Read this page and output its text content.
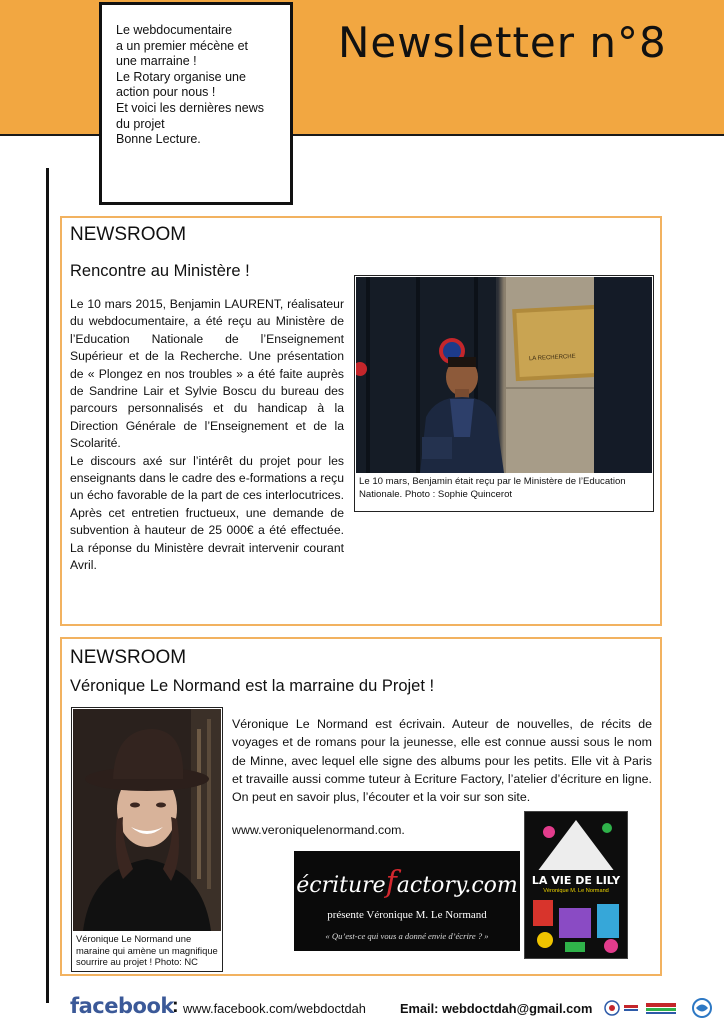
Le webdocumentaire

a un premier mécène et

une marraine !

Le Rotary organise une

action pour nous !

Et voici les dernières news

du projet

Bonne Lecture.

Newsletter n°8
NEWSROOM
Rencontre au Ministère !

Le 10 mars 2015, Benjamin LAURENT, réalisateur du webdocumentaire, a été reçu au Ministère de l’Education Nationale de l’Enseignement Supérieur et de la Recherche. Une présentation de « Plongez en nos troubles » a été faite auprès de Sandrine Lair et Sylvie Boscu du bureau des parcours personnalisés et du handicap à la Direction Générale de l’Enseignement et de la Scolarité.

Le discours axé sur l’intérêt du projet pour les enseignants dans le cadre des e-formations a reçu un écho favorable de la part de ces interlocutrices. Après cet entretien fructueux, une demande de subvention à hauteur de 25 000€ a été effectuée. La réponse du Ministère devrait intervenir courant Avril.

LA RECHERCHE
Le 10 mars, Benjamin était reçu par le Ministère de l’Education Nationale. Photo : Sophie Quincerot
NEWSROOM
Véronique Le Normand est la marraine du Projet !
Véronique Le Normand une maraine qui amène un magnifique sourrire au projet ! Photo: NC

Véronique Le Normand est écrivain. Auteur de nouvelles, de récits de voyages et de romans pour la jeunesse, elle est connue aussi sous le nom de Minne, avec lequel elle signe des albums pour les petits. Elle vit à Paris et travaille aussi comme tuteur à Ecriture Factory, l’atelier d’écriture en ligne. On peut en savoir plus, l’écouter et la voir sur son site.

www.veroniquelenormand.com.
écriturefactory.com
présente Véronique M. Le Normand
« Qu’est-ce qui vous a donné envie d’écrire ? »
LA VIE DE LILY
Véronique M. Le Normand
facebook
: www.facebook.com/webdoctdah	Email: webdoctdah@gmail.com
